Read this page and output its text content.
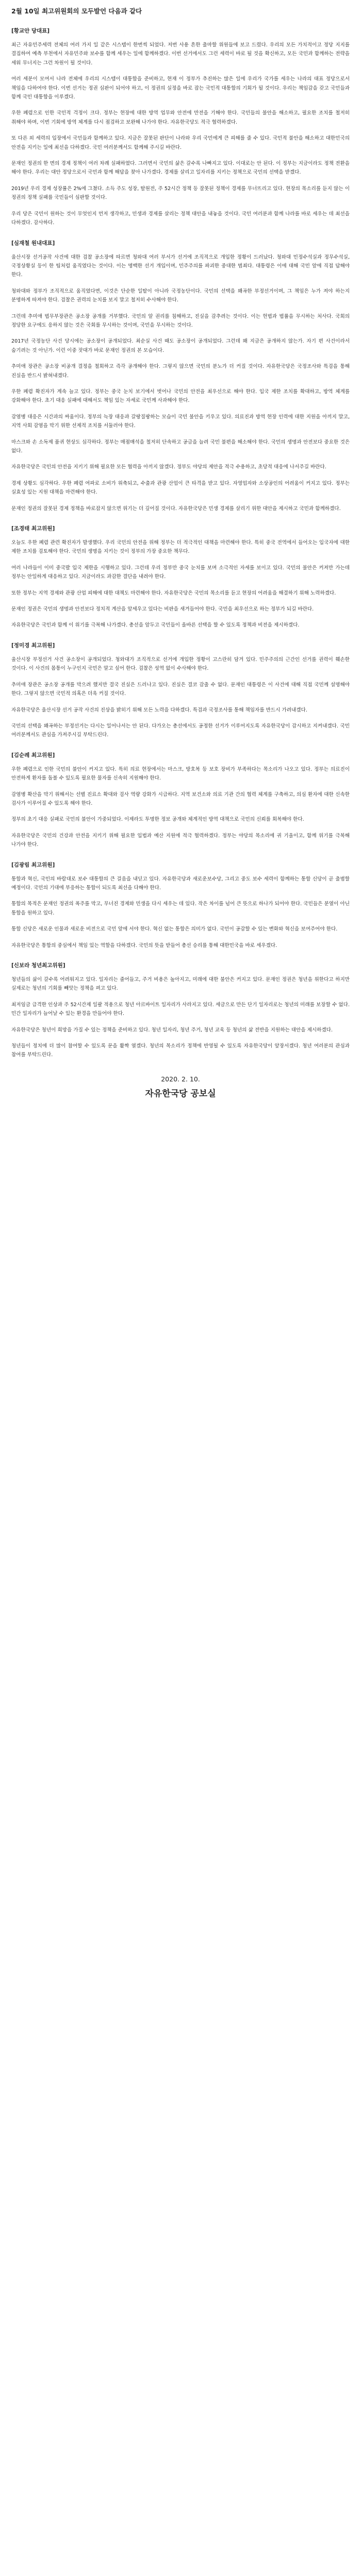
2월 10일 최고위원회의 모두발언 다음과 같다
[황교안 당대표]

최근 자유민주세력 전체의 여러 가지 일 같은 시스템이 한번씩 되었다. 저번 사용 흔한 출마할 위원들에 보고 드렸다. 우리의 모든 가치적이고 정당 지지를 결집하여 예측 부천에서 자유민주와 보수를 함께 세우는 일에 함께하겠다. 이번 선거에서도 그런 세력이 바로 될 것을 확신하고, 모든 국민과 함께하는 전략을 세워 무너지는 그런 차원이 될 것이다.

여러 세분이 모여서 나라 전체에 우리의 시스템이 대통합을 준비하고, 현재 이 정부가 추진하는 많은 일에 우리가 국가를 세우는 나라의 대표 정당으로서 책임을 다하여야 한다. 이번 선거는 정권 심판이 되어야 하고, 이 정권의 실정을 바로 잡는 국민적 대통합의 기회가 될 것이다. 우리는 책임감을 갖고 국민들과 함께 국민 대통합을 이루겠다.

우한 폐렴으로 인한 국민적 걱정이 크다. 정부는 현장에 대한 방역 업무와 안전에 만전을 기해야 한다. 국민들의 불안을 해소하고, 필요한 조치를 철저히 취해야 하며, 이번 기회에 방역 체계를 다시 점검하고 보완해 나가야 한다. 자유한국당도 적극 협력하겠다.

또 다른 외 세력의 입장에서 국민들과 함께하고 있다. 지금은 잘못된 판단이 나라와 우리 국민에게 큰 피해를 줄 수 있다. 국민적 불안을 해소하고 대한민국의 안전을 지키는 일에 최선을 다하겠다. 국민 여러분께서도 함께해 주시길 바란다.

문재인 정권의 한 면의 경제 정책이 여러 차례 실패하였다. 그러면서 국민의 삶은 갈수록 나빠지고 있다. 이대로는 안 된다. 이 정부는 지금이라도 정책 전환을 해야 한다. 우리는 대안 정당으로서 국민과 함께 해답을 찾아 나가겠다. 경제를 살리고 일자리를 지키는 정책으로 국민의 선택을 받겠다.

2019년 우리 경제 성장률은 2%에 그쳤다. 소득 주도 성장, 탈원전, 주 52시간 정책 등 잘못된 정책이 경제를 무너뜨리고 있다. 현장의 목소리를 듣지 않는 이 정권의 정책 실패를 국민들이 심판할 것이다.

우리 당은 국민이 원하는 것이 무엇인지 먼저 생각하고, 민생과 경제를 살리는 정책 대안을 내놓을 것이다. 국민 여러분과 함께 나라를 바로 세우는 데 최선을 다하겠다. 감사하다.

[심재철 원내대표]

울산시장 선거공작 사건에 대한 검찰 공소장에 따르면 청와대 여러 부서가 선거에 조직적으로 개입한 정황이 드러났다. 청와대 민정수석실과 정무수석실, 국정상황실 등이 한 팀처럼 움직였다는 것이다. 이는 명백한 선거 개입이며, 민주주의를 파괴한 중대한 범죄다. 대통령은 이에 대해 국민 앞에 직접 답해야 한다.

청와대와 정부가 조직적으로 움직였다면, 이것은 단순한 일탈이 아니라 국정농단이다. 국민의 선택을 왜곡한 부정선거이며, 그 책임은 누가 져야 하는지 분명하게 따져야 한다. 검찰은 권력의 눈치를 보지 말고 철저히 수사해야 한다.

그런데 추미애 법무부장관은 공소장 공개를 거부했다. 국민의 알 권리를 침해하고, 진실을 감추려는 것이다. 이는 헌법과 법률을 무시하는 처사다. 국회의 정당한 요구에도 응하지 않는 것은 국회를 무시하는 것이며, 국민을 무시하는 것이다.

2017년 국정농단 사건 당시에는 공소장이 공개되었다. 최순실 사건 때도 공소장이 공개되었다. 그런데 왜 지금은 공개하지 않는가. 자기 편 사건이라서 숨기려는 것 아닌가. 이런 이중 잣대가 바로 문재인 정권의 본 모습이다.

추미애 장관은 공소장 비공개 결정을 철회하고 즉각 공개해야 한다. 그렇지 않으면 국민의 분노가 더 커질 것이다. 자유한국당은 국정조사와 특검을 통해 진실을 반드시 밝혀내겠다.

우한 폐렴 확진자가 계속 늘고 있다. 정부는 중국 눈치 보기에서 벗어나 국민의 안전을 최우선으로 해야 한다. 입국 제한 조치를 확대하고, 방역 체계를 강화해야 한다. 초기 대응 실패에 대해서도 책임 있는 자세로 국민께 사과해야 한다.

감염병 대응은 시간과의 싸움이다. 정부의 늑장 대응과 갈팡질팡하는 모습이 국민 불안을 키우고 있다. 의료진과 방역 현장 인력에 대한 지원을 아끼지 말고, 지역 사회 감염을 막기 위한 선제적 조치를 서둘러야 한다.

마스크와 손 소독제 품귀 현상도 심각하다. 정부는 매점매석을 철저히 단속하고 공급을 늘려 국민 불편을 해소해야 한다. 국민의 생명과 안전보다 중요한 것은 없다.

자유한국당은 국민의 안전을 지키기 위해 필요한 모든 협력을 아끼지 않겠다. 정부도 야당의 제안을 적극 수용하고, 초당적 대응에 나서주길 바란다.

경제 상황도 심각하다. 우한 폐렴 여파로 소비가 위축되고, 수출과 관광 산업이 큰 타격을 받고 있다. 자영업자와 소상공인의 어려움이 커지고 있다. 정부는 실효성 있는 지원 대책을 마련해야 한다.

문재인 정권의 잘못된 경제 정책을 바로잡지 않으면 위기는 더 깊어질 것이다. 자유한국당은 민생 경제를 살리기 위한 대안을 제시하고 국민과 함께하겠다.

[조경태 최고위원]

오늘도 우한 폐렴 관련 확진자가 발생했다. 우리 국민의 안전을 위해 정부는 더 적극적인 대책을 마련해야 한다. 특히 중국 전역에서 들어오는 입국자에 대한 제한 조치를 검토해야 한다. 국민의 생명을 지키는 것이 정부의 가장 중요한 책무다.

여러 나라들이 이미 중국발 입국 제한을 시행하고 있다. 그런데 우리 정부만 중국 눈치를 보며 소극적인 자세를 보이고 있다. 국민의 불안은 커져만 가는데 정부는 안일하게 대응하고 있다. 지금이라도 과감한 결단을 내려야 한다.

또한 정부는 지역 경제와 관광 산업 피해에 대한 대책도 마련해야 한다. 자유한국당은 국민의 목소리를 듣고 현장의 어려움을 해결하기 위해 노력하겠다.

문재인 정권은 국민의 생명과 안전보다 정치적 계산을 앞세우고 있다는 비판을 새겨들어야 한다. 국민을 최우선으로 하는 정부가 되길 바란다.

자유한국당은 국민과 함께 이 위기를 극복해 나가겠다. 총선을 앞두고 국민들이 올바른 선택을 할 수 있도록 정책과 비전을 제시하겠다.

[정미경 최고위원]

울산시장 부정선거 사건 공소장이 공개되었다. 청와대가 조직적으로 선거에 개입한 정황이 고스란히 담겨 있다. 민주주의의 근간인 선거를 권력이 훼손한 것이다. 이 사건의 몸통이 누구인지 국민은 알고 싶어 한다. 검찰은 성역 없이 수사해야 한다.

추미애 장관은 공소장 공개를 막으려 했지만 결국 진실은 드러나고 있다. 진실은 결코 감출 수 없다. 문재인 대통령은 이 사건에 대해 직접 국민께 설명해야 한다. 그렇지 않으면 국민적 의혹은 더욱 커질 것이다.

자유한국당은 울산시장 선거 공작 사건의 진상을 밝히기 위해 모든 노력을 다하겠다. 특검과 국정조사를 통해 책임자를 반드시 가려내겠다.

국민의 선택을 왜곡하는 부정선거는 다시는 일어나서는 안 된다. 다가오는 총선에서도 공정한 선거가 이루어지도록 자유한국당이 감시하고 지켜내겠다. 국민 여러분께서도 관심을 가져주시길 부탁드린다.

[김순례 최고위원]

우한 폐렴으로 인한 국민의 불안이 커지고 있다. 특히 의료 현장에서는 마스크, 방호복 등 보호 장비가 부족하다는 목소리가 나오고 있다. 정부는 의료진이 안전하게 환자를 돌볼 수 있도록 필요한 물자를 신속히 지원해야 한다.

감염병 확산을 막기 위해서는 선별 진료소 확대와 검사 역량 강화가 시급하다. 지역 보건소와 의료 기관 간의 협력 체계를 구축하고, 의심 환자에 대한 신속한 검사가 이루어질 수 있도록 해야 한다.

정부의 초기 대응 실패로 국민의 불안이 가중되었다. 이제라도 투명한 정보 공개와 체계적인 방역 대책으로 국민의 신뢰를 회복해야 한다.

자유한국당은 국민의 건강과 안전을 지키기 위해 필요한 입법과 예산 지원에 적극 협력하겠다. 정부는 야당의 목소리에 귀 기울이고, 함께 위기를 극복해 나가야 한다.

[김광림 최고위원]

통합과 혁신, 국민의 바람대로 보수 대통합의 큰 걸음을 내딛고 있다. 자유한국당과 새로운보수당, 그리고 중도 보수 세력이 함께하는 통합 신당이 곧 출범할 예정이다. 국민의 기대에 부응하는 통합이 되도록 최선을 다해야 한다.

통합의 목적은 문재인 정권의 폭주를 막고, 무너진 경제와 민생을 다시 세우는 데 있다. 작은 차이를 넘어 큰 뜻으로 하나가 되어야 한다. 국민들은 분열이 아닌 통합을 원하고 있다.

통합 신당은 새로운 인물과 새로운 비전으로 국민 앞에 서야 한다. 혁신 없는 통합은 의미가 없다. 국민이 공감할 수 있는 변화와 혁신을 보여주어야 한다.

자유한국당은 통합의 중심에서 책임 있는 역할을 다하겠다. 국민의 뜻을 받들어 총선 승리를 통해 대한민국을 바로 세우겠다.

[신보라 청년최고위원]

청년들의 삶이 갈수록 어려워지고 있다. 일자리는 줄어들고, 주거 비용은 높아지고, 미래에 대한 불안은 커지고 있다. 문재인 정권은 청년을 위한다고 하지만 실제로는 청년의 기회를 빼앗는 정책을 펴고 있다.

최저임금 급격한 인상과 주 52시간제 일괄 적용으로 청년 아르바이트 일자리가 사라지고 있다. 세금으로 만든 단기 일자리로는 청년의 미래를 보장할 수 없다. 민간 일자리가 늘어날 수 있는 환경을 만들어야 한다.

자유한국당은 청년이 희망을 가질 수 있는 정책을 준비하고 있다. 청년 일자리, 청년 주거, 청년 교육 등 청년의 삶 전반을 지원하는 대안을 제시하겠다.

청년들이 정치에 더 많이 참여할 수 있도록 문을 활짝 열겠다. 청년의 목소리가 정책에 반영될 수 있도록 자유한국당이 앞장서겠다. 청년 여러분의 관심과 참여를 부탁드린다.

2020. 2. 10.
자유한국당 공보실
